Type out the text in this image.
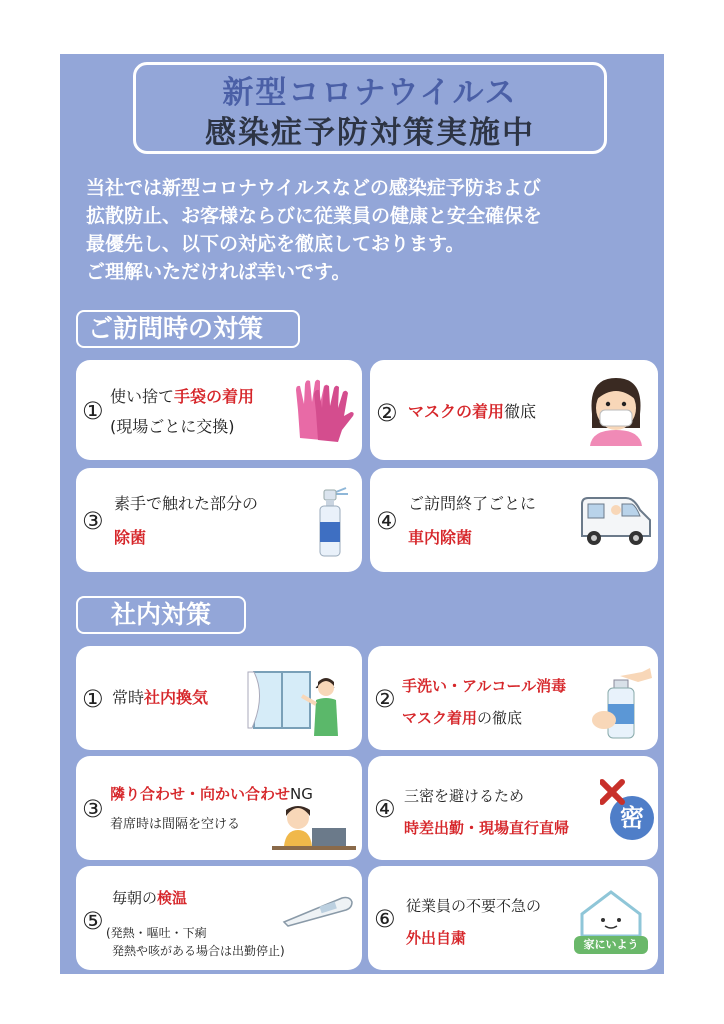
新型コロナウイルス
感染症予防対策実施中
当社では新型コロナウイルスなどの感染症予防および
拡散防止、お客様ならびに従業員の健康と安全確保を
最優先し、以下の対応を徹底しております。
ご理解いただければ幸いです。
ご訪問時の対策
①
使い捨て手袋の着用
(現場ごとに交換)	② マスクの着用徹底
③
素手で触れた部分の
除菌
④
ご訪問終了ごとに
車内除菌
社内対策
① 常時社内換気	② 手洗い・アルコール消毒
マスク着用の徹底
③
隣り合わせ・向かい合わせNG
着席時は間隔を空ける
④ 三密を避けるため
時差出勤・現場直行直帰 密
⑤
毎朝の検温
(発熱・嘔吐・下痢
発熱や咳がある場合は出勤停止)
⑥ 従業員の不要不急の
外出自粛	家にいよう
